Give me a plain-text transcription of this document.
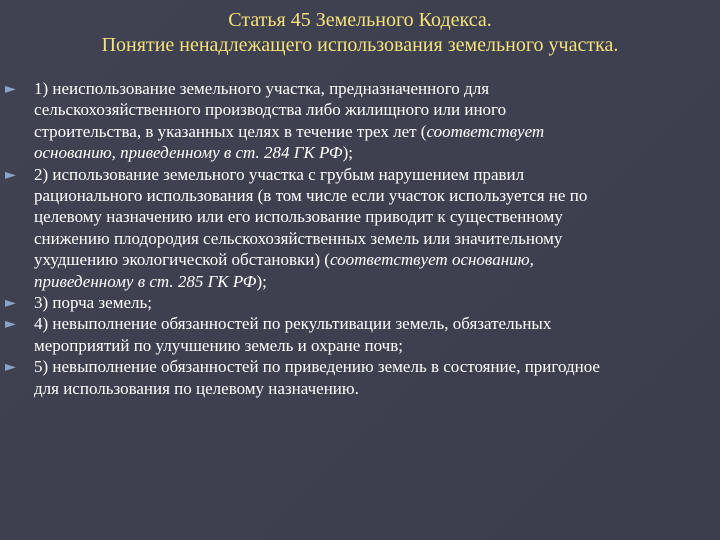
Статья 45 Земельного Кодекса.
Понятие ненадлежащего использования земельного участка.
► 1) неиспользование земельного участка, предназначенного для
сельскохозяйственного производства либо жилищного или иного
строительства, в указанных целях в течение трех лет (соответствует
основанию, приведенному в ст. 284 ГК РФ);
► 2) использование земельного участка с грубым нарушением правил
рационального использования (в том числе если участок используется не по
целевому назначению или его использование приводит к существенному
снижению плодородия сельскохозяйственных земель или значительному
ухудшению экологической обстановки) (соответствует основанию,
приведенному в ст. 285 ГК РФ);
► 3) порча земель;
► 4) невыполнение обязанностей по рекультивации земель, обязательных
мероприятий по улучшению земель и охране почв;
► 5) невыполнение обязанностей по приведению земель в состояние, пригодное
для использования по целевому назначению.
